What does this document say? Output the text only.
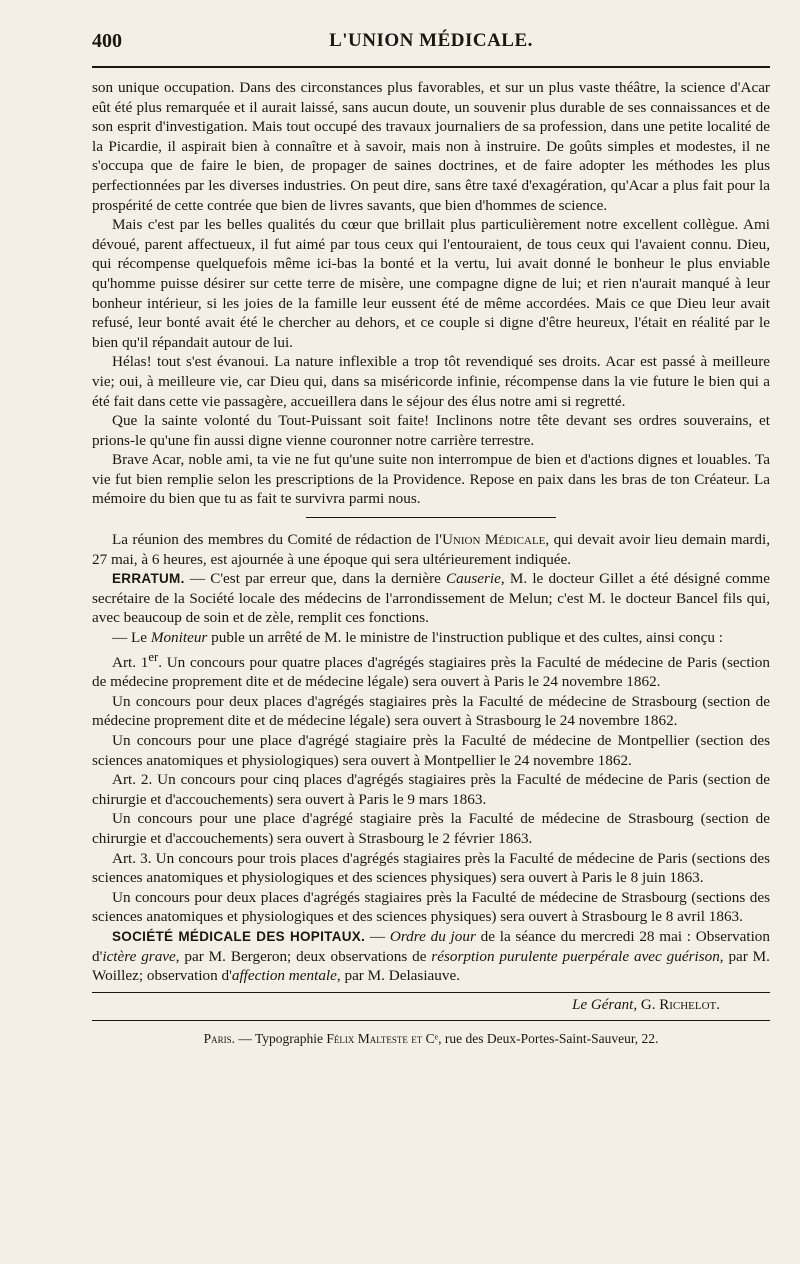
400	L'UNION MÉDICALE.

son unique occupation. Dans des circonstances plus favorables, et sur un plus vaste théâtre, la science d'Acar eût été plus remarquée et il aurait laissé, sans aucun doute, un souvenir plus durable de ses connaissances et de son esprit d'investigation. Mais tout occupé des travaux journaliers de sa profession, dans une petite localité de la Picardie, il aspirait bien à connaître et à savoir, mais non à instruire. De goûts simples et modestes, il ne s'occupa que de faire le bien, de propager de saines doctrines, et de faire adopter les méthodes les plus perfectionnées par les diverses industries. On peut dire, sans être taxé d'exagération, qu'Acar a plus fait pour la prospérité de cette contrée que bien de livres savants, que bien d'hommes de science.

Mais c'est par les belles qualités du cœur que brillait plus particulièrement notre excellent collègue. Ami dévoué, parent affectueux, il fut aimé par tous ceux qui l'entouraient, de tous ceux qui l'avaient connu. Dieu, qui récompense quelquefois même ici-bas la bonté et la vertu, lui avait donné le bonheur le plus enviable qu'homme puisse désirer sur cette terre de misère, une compagne digne de lui; et rien n'aurait manqué à leur bonheur intérieur, si les joies de la famille leur eussent été de même accordées. Mais ce que Dieu leur avait refusé, leur bonté avait été le chercher au dehors, et ce couple si digne d'être heureux, l'était en réalité par le bien qu'il répandait autour de lui.

Hélas! tout s'est évanoui. La nature inflexible a trop tôt revendiqué ses droits. Acar est passé à meilleure vie; oui, à meilleure vie, car Dieu qui, dans sa miséricorde infinie, récompense dans la vie future le bien qui a été fait dans cette vie passagère, accueillera dans le séjour des élus notre ami si regretté.

Que la sainte volonté du Tout-Puissant soit faite! Inclinons notre tête devant ses ordres souverains, et prions-le qu'une fin aussi digne vienne couronner notre carrière terrestre.

Brave Acar, noble ami, ta vie ne fut qu'une suite non interrompue de bien et d'actions dignes et louables. Ta vie fut bien remplie selon les prescriptions de la Providence. Repose en paix dans les bras de ton Créateur. La mémoire du bien que tu as fait te survivra parmi nous.

La réunion des membres du Comité de rédaction de l'Union Médicale, qui devait avoir lieu demain mardi, 27 mai, à 6 heures, est ajournée à une époque qui sera ultérieurement indiquée.

ERRATUM. — C'est par erreur que, dans la dernière Causerie, M. le docteur Gillet a été désigné comme secrétaire de la Société locale des médecins de l'arrondissement de Melun; c'est M. le docteur Bancel fils qui, avec beaucoup de soin et de zèle, remplit ces fonctions.

— Le Moniteur puble un arrêté de M. le ministre de l'instruction publique et des cultes, ainsi conçu :

Art. 1er. Un concours pour quatre places d'agrégés stagiaires près la Faculté de médecine de Paris (section de médecine proprement dite et de médecine légale) sera ouvert à Paris le 24 novembre 1862.

Un concours pour deux places d'agrégés stagiaires près la Faculté de médecine de Strasbourg (section de médecine proprement dite et de médecine légale) sera ouvert à Strasbourg le 24 novembre 1862.

Un concours pour une place d'agrégé stagiaire près la Faculté de médecine de Montpellier (section des sciences anatomiques et physiologiques) sera ouvert à Montpellier le 24 novembre 1862.

Art. 2. Un concours pour cinq places d'agrégés stagiaires près la Faculté de médecine de Paris (section de chirurgie et d'accouchements) sera ouvert à Paris le 9 mars 1863.

Un concours pour une place d'agrégé stagiaire près la Faculté de médecine de Strasbourg (section de chirurgie et d'accouchements) sera ouvert à Strasbourg le 2 février 1863.

Art. 3. Un concours pour trois places d'agrégés stagiaires près la Faculté de médecine de Paris (sections des sciences anatomiques et physiologiques et des sciences physiques) sera ouvert à Paris le 8 juin 1863.

Un concours pour deux places d'agrégés stagiaires près la Faculté de médecine de Strasbourg (sections des sciences anatomiques et physiologiques et des sciences physiques) sera ouvert à Strasbourg le 8 avril 1863.

SOCIÉTÉ MÉDICALE DES HOPITAUX. — Ordre du jour de la séance du mercredi 28 mai : Observation d'ictère grave, par M. Bergeron; deux observations de résorption purulente puerpérale avec guérison, par M. Woillez; observation d'affection mentale, par M. Delasiauve.

Le Gérant, G. Richelot.
Paris. — Typographie Félix Malteste et Cᵉ, rue des Deux-Portes-Saint-Sauveur, 22.
